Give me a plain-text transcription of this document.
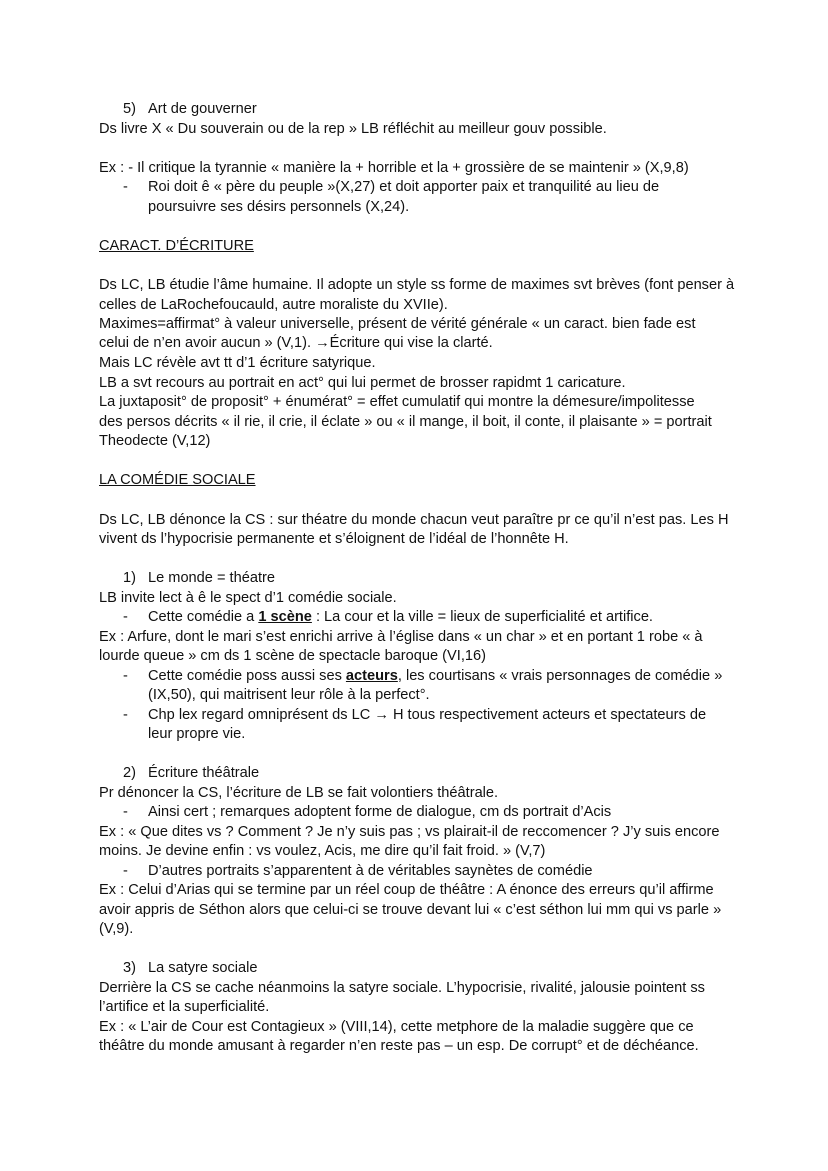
5) Art de gouverner
Ds livre X « Du souverain ou de la rep » LB réfléchit au meilleur gouv possible.
Ex : - Il critique la tyrannie « manière la + horrible et la + grossière de se maintenir » (X,9,8)
- Roi doit ê « père du peuple »(X,27) et doit apporter paix et tranquilité au lieu de
poursuivre ses désirs personnels (X,24).
CARACT. D’ÉCRITURE
Ds LC, LB étudie l’âme humaine. Il adopte un style ss forme de maximes svt brèves (font penser à
celles de LaRochefoucauld, autre moraliste du XVIIe).
Maximes=affirmat° à valeur universelle, présent de vérité générale « un caract. bien fade est
celui de n’en avoir aucun » (V,1). →Écriture qui vise la clarté.
Mais LC révèle avt tt d’1 écriture satyrique.
LB a svt recours au portrait en act° qui lui permet de brosser rapidmt 1 caricature.
La juxtaposit° de proposit° + énumérat° = effet cumulatif qui montre la démesure/impolitesse
des persos décrits « il rie, il crie, il éclate » ou « il mange, il boit, il conte, il plaisante » = portrait
Theodecte (V,12)
LA COMÉDIE SOCIALE
Ds LC, LB dénonce la CS : sur théatre du monde chacun veut paraître pr ce qu’il n’est pas. Les H
vivent ds l’hypocrisie permanente et s’éloignent de l’idéal de l’honnête H.
1) Le monde = théatre
LB invite lect à ê le spect d’1 comédie sociale.
- Cette comédie a 1 scène : La cour et la ville = lieux de superficialité et artifice.
Ex : Arfure, dont le mari s’est enrichi arrive à l’église dans « un char » et en portant 1 robe « à
lourde queue » cm ds 1 scène de spectacle baroque (VI,16)
- Cette comédie poss aussi ses acteurs, les courtisans « vrais personnages de comédie »
(IX,50), qui maitrisent leur rôle à la perfect°.
- Chp lex regard omniprésent ds LC → H tous respectivement acteurs et spectateurs de
leur propre vie.
2) Écriture théâtrale
Pr dénoncer la CS, l’écriture de LB se fait volontiers théâtrale.
- Ainsi cert ; remarques adoptent forme de dialogue, cm ds portrait d’Acis
Ex : « Que dites vs ? Comment ? Je n’y suis pas ; vs plairait-il de reccomencer ? J’y suis encore
moins. Je devine enfin : vs voulez, Acis, me dire qu’il fait froid. » (V,7)
- D’autres portraits s’apparentent à de véritables saynètes de comédie
Ex : Celui d’Arias qui se termine par un réel coup de théâtre : A énonce des erreurs qu’il affirme
avoir appris de Séthon alors que celui-ci se trouve devant lui « c’est séthon lui mm qui vs parle »
(V,9).
3) La satyre sociale
Derrière la CS se cache néanmoins la satyre sociale. L’hypocrisie, rivalité, jalousie pointent ss
l’artifice et la superficialité.
Ex : « L’air de Cour est Contagieux » (VIII,14), cette metphore de la maladie suggère que ce
théâtre du monde amusant à regarder n’en reste pas – un esp. De corrupt° et de déchéance.
